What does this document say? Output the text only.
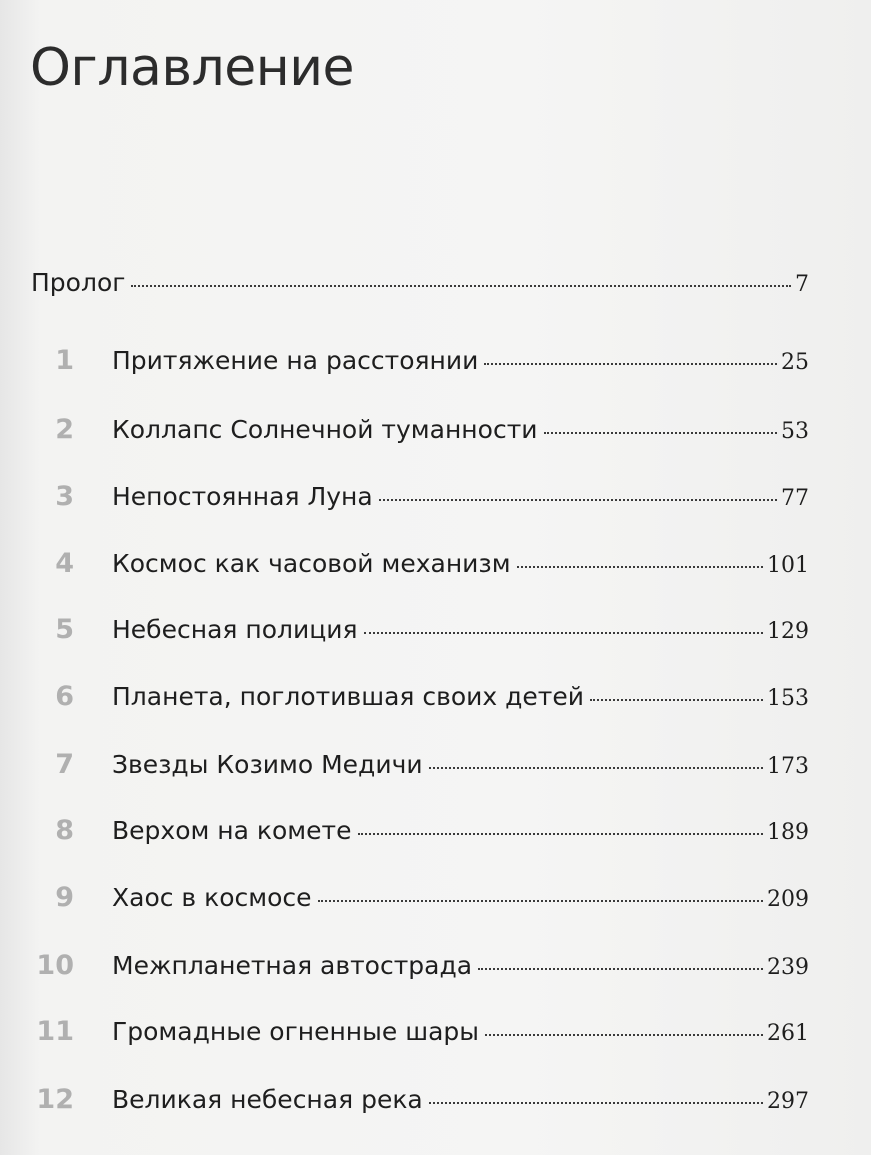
Оглавление
Пролог	7
1 Притяжение на расстоянии	25
2 Коллапс Солнечной туманности	53
3 Непостоянная Луна	77
4 Космос как часовой механизм	101
5 Небесная полиция	129
6 Планета, поглотившая своих детей	153
7 Звезды Козимо Медичи	173
8 Верхом на комете	189
9 Хаос в космосе	209
10 Межпланетная автострада	239
11 Громадные огненные шары	261
12 Великая небесная река	297
